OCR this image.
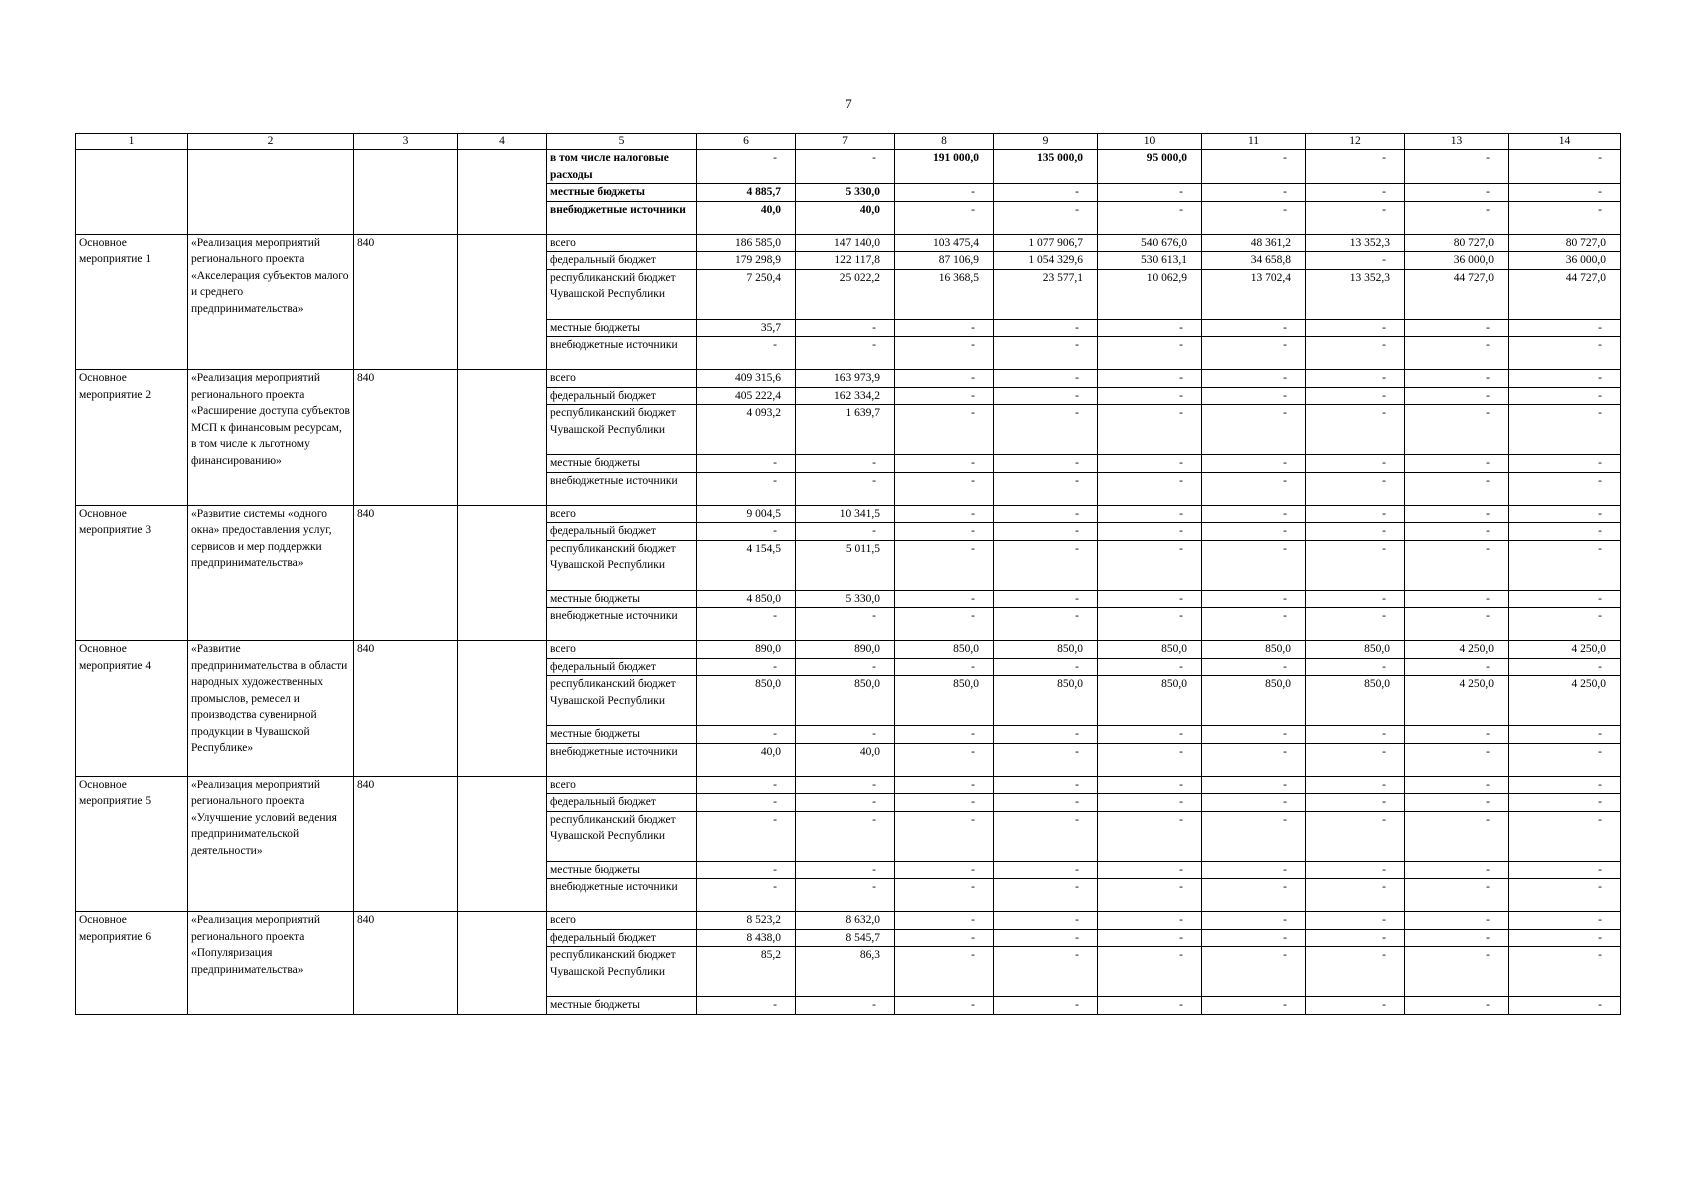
7
1	2	3	4	5	6	7	8	9	10	11	12	13	14
				в том числе налоговые расходы	-	-	191 000,0	135 000,0	95 000,0	-	-	-	-
				местные бюджеты	4 885,7	5 330,0	-	-	-	-	-	-	-
				внебюджетные источники	40,0	40,0	-	-	-	-	-	-	-
Основное мероприятие 1	«Реализация мероприятий регионального проекта «Акселерация субъектов малого и среднего предпринимательства»	840		всего	186 585,0	147 140,0	103 475,4	1 077 906,7	540 676,0	48 361,2	13 352,3	80 727,0	80 727,0
				федеральный бюджет	179 298,9	122 117,8	87 106,9	1 054 329,6	530 613,1	34 658,8	-	36 000,0	36 000,0
				республиканский бюджет Чувашской Республики	7 250,4	25 022,2	16 368,5	23 577,1	10 062,9	13 702,4	13 352,3	44 727,0	44 727,0
				местные бюджеты	35,7	-	-	-	-	-	-	-	-
				внебюджетные источники	-	-	-	-	-	-	-	-	-
Основное мероприятие 2	«Реализация мероприятий регионального проекта «Расширение доступа субъектов МСП к финансовым ресурсам, в том числе к льготному финансированию»	840		всего	409 315,6	163 973,9	-	-	-	-	-	-	-
				федеральный бюджет	405 222,4	162 334,2	-	-	-	-	-	-	-
				республиканский бюджет Чувашской Республики	4 093,2	1 639,7	-	-	-	-	-	-	-
				местные бюджеты	-	-	-	-	-	-	-	-	-
				внебюджетные источники	-	-	-	-	-	-	-	-	-
Основное мероприятие 3	«Развитие системы «одного окна» предоставления услуг, сервисов и мер поддержки предпринимательства»	840		всего	9 004,5	10 341,5	-	-	-	-	-	-	-
				федеральный бюджет	-	-	-	-	-	-	-	-	-
				республиканский бюджет Чувашской Республики	4 154,5	5 011,5	-	-	-	-	-	-	-
				местные бюджеты	4 850,0	5 330,0	-	-	-	-	-	-	-
				внебюджетные источники	-	-	-	-	-	-	-	-	-
Основное мероприятие 4	«Развитие предпринимательства в области народных художественных промыслов, ремесел и производства сувенирной продукции в Чувашской Республике»	840		всего	890,0	890,0	850,0	850,0	850,0	850,0	850,0	4 250,0	4 250,0
				федеральный бюджет	-	-	-	-	-	-	-	-	-
				республиканский бюджет Чувашской Республики	850,0	850,0	850,0	850,0	850,0	850,0	850,0	4 250,0	4 250,0
				местные бюджеты	-	-	-	-	-	-	-	-	-
				внебюджетные источники	40,0	40,0	-	-	-	-	-	-	-
Основное мероприятие 5	«Реализация мероприятий регионального проекта «Улучшение условий ведения предпринимательской деятельности»	840		всего	-	-	-	-	-	-	-	-	-
				федеральный бюджет	-	-	-	-	-	-	-	-	-
				республиканский бюджет Чувашской Республики	-	-	-	-	-	-	-	-	-
				местные бюджеты	-	-	-	-	-	-	-	-	-
				внебюджетные источники	-	-	-	-	-	-	-	-	-
Основное мероприятие 6	«Реализация мероприятий регионального проекта «Популяризация предпринимательства»	840		всего	8 523,2	8 632,0	-	-	-	-	-	-	-
				федеральный бюджет	8 438,0	8 545,7	-	-	-	-	-	-	-
				республиканский бюджет Чувашской Республики	85,2	86,3	-	-	-	-	-	-	-
				местные бюджеты	-	-	-	-	-	-	-	-	-
